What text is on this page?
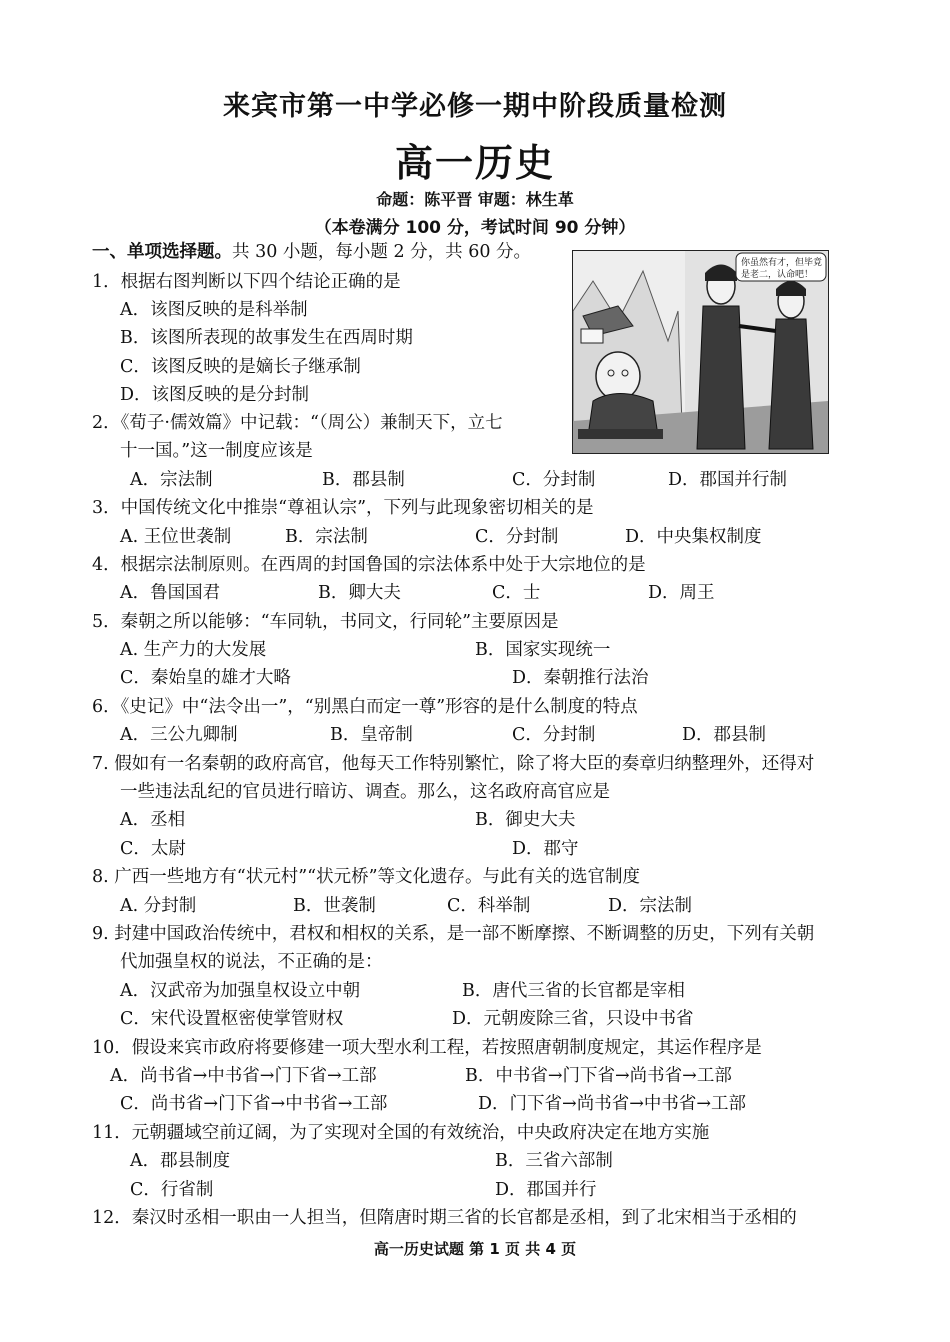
来宾市第一中学必修一期中阶段质量检测
高一历史
命题：陈平晋 审题：林生革
（本卷满分 100 分，考试时间 90 分钟）
一、单项选择题。共 30 小题，每小题 2 分，共 60 分。
你虽然有才，但毕竟
是老二，认命吧！
1．根据右图判断以下四个结论正确的是
A．该图反映的是科举制
B．该图所表现的故事发生在西周时期
C．该图反映的是嫡长子继承制
D．该图反映的是分封制
2．《荀子·儒效篇》中记载：“（周公）兼制天下，立七
十一国。”这一制度应该是
A．宗法制	B．郡县制	C．分封制	D．郡国并行制
3．中国传统文化中推崇“尊祖认宗”，下列与此现象密切相关的是
A. 王位世袭制	B．宗法制	C．分封制	D．中央集权制度
4．根据宗法制原则。在西周的封国鲁国的宗法体系中处于大宗地位的是
A．鲁国国君	B．卿大夫	C．士	D．周王
5．秦朝之所以能够：“车同轨，书同文，行同轮”主要原因是
A. 生产力的大发展	B．国家实现统一
C．秦始皇的雄才大略	D．秦朝推行法治
6．《史记》中“法令出一”，“别黑白而定一尊”形容的是什么制度的特点
A．三公九卿制	B．皇帝制	C．分封制	D．郡县制
7. 假如有一名秦朝的政府高官，他每天工作特别繁忙，除了将大臣的奏章归纳整理外，还得对
一些违法乱纪的官员进行暗访、调查。那么，这名政府高官应是
A．丞相	B．御史大夫
C．太尉	D．郡守
8. 广西一些地方有“状元村”“状元桥”等文化遗存。与此有关的选官制度
A. 分封制	B．世袭制	C．科举制	D．宗法制
9. 封建中国政治传统中，君权和相权的关系，是一部不断摩擦、不断调整的历史，下列有关朝
代加强皇权的说法，不正确的是：
A．汉武帝为加强皇权设立中朝	B．唐代三省的长官都是宰相
C．宋代设置枢密使掌管财权	D．元朝废除三省，只设中书省
10．假设来宾市政府将要修建一项大型水利工程，若按照唐朝制度规定，其运作程序是
A．尚书省→中书省→门下省→工部	B．中书省→门下省→尚书省→工部
C．尚书省→门下省→中书省→工部	D．门下省→尚书省→中书省→工部
11．元朝疆域空前辽阔，为了实现对全国的有效统治，中央政府决定在地方实施
A．郡县制度	B．三省六部制
C．行省制	D．郡国并行
12．秦汉时丞相一职由一人担当，但隋唐时期三省的长官都是丞相，到了北宋相当于丞相的
高一历史试题 第 1 页 共 4 页
